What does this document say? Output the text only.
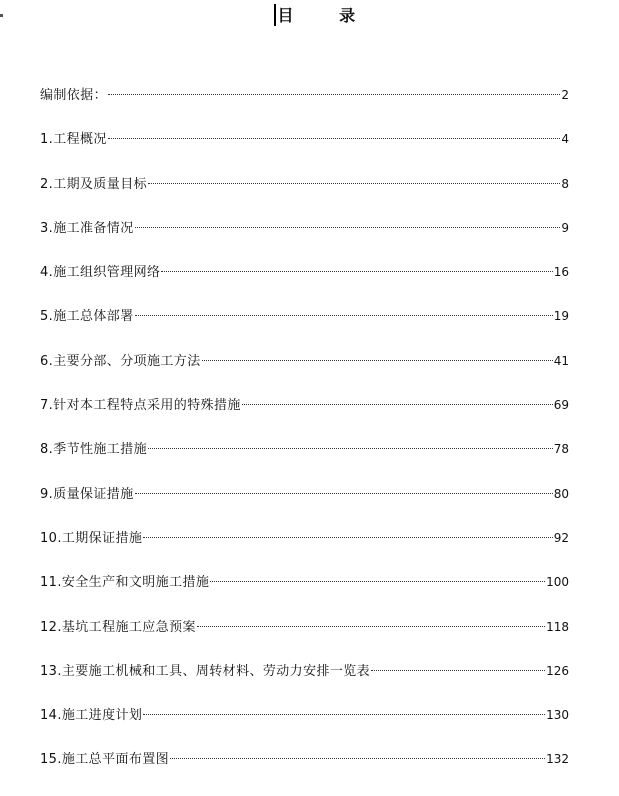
目 录
编制依据：	2
1.工程概况	4
2.工期及质量目标	8
3.施工准备情况	9
4.施工组织管理网络	16
5.施工总体部署	19
6.主要分部、分项施工方法	41
7.针对本工程特点采用的特殊措施	69
8.季节性施工措施	78
9.质量保证措施	80
10.工期保证措施	92
11.安全生产和文明施工措施	100
12.基坑工程施工应急预案	118
13.主要施工机械和工具、周转材料、劳动力安排一览表	126
14.施工进度计划	130
15.施工总平面布置图	132
